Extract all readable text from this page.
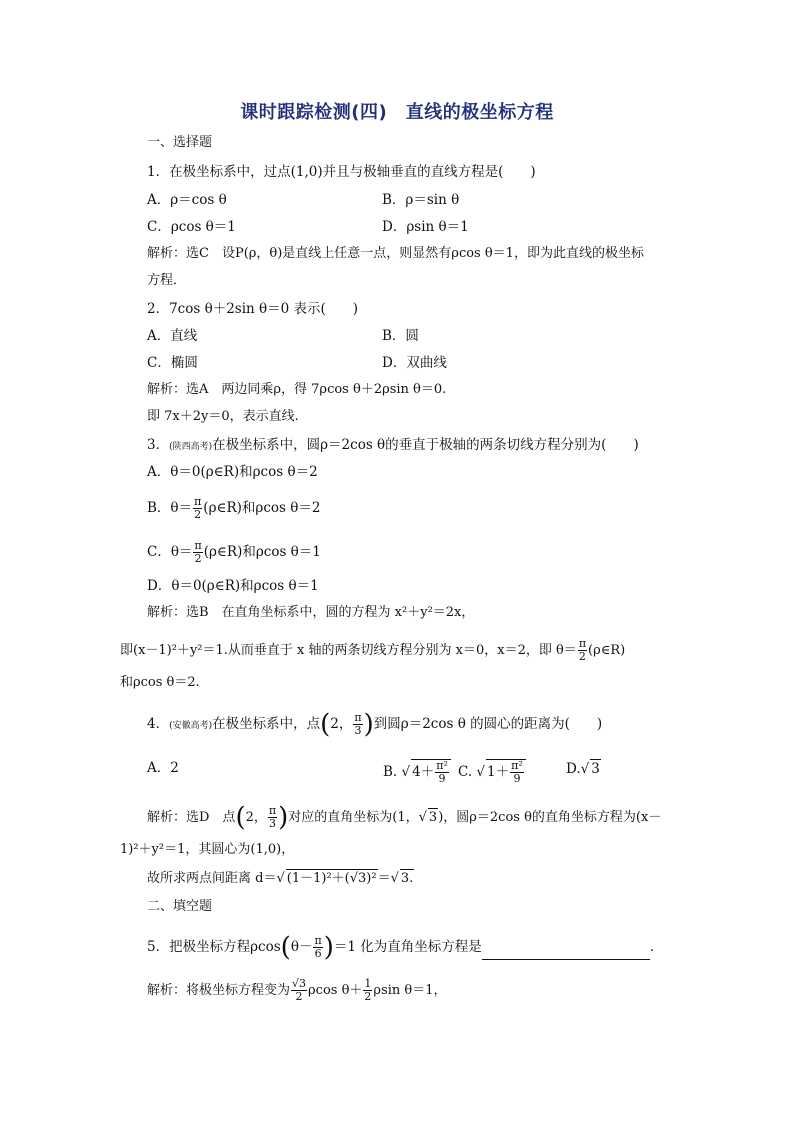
课时跟踪检测(四)　直线的极坐标方程
一、选择题
1．在极坐标系中，过点(1,0)并且与极轴垂直的直线方程是(　　)
A．ρ＝cos θ	B．ρ＝sin θ
C．ρcos θ＝1	D．ρsin θ＝1
解析：选C　设P(ρ，θ)是直线上任意一点，则显然有ρcos θ＝1，即为此直线的极坐标
方程．
2．7cos θ＋2sin θ＝0 表示(　　)
A．直线	B．圆
C．椭圆	D．双曲线
解析：选A　两边同乘ρ，得 7ρcos θ＋2ρsin θ＝0.
即 7x＋2y＝0，表示直线.
3．(陕西高考)在极坐标系中，圆ρ＝2cos θ的垂直于极轴的两条切线方程分别为(　　)
A．θ＝0(ρ∈R)和ρcos θ＝2
B．$\theta= \frac{\pi}{2}$ (ρ∈R)和ρcos θ＝2
C．$\theta= \frac{\pi}{2}$ (ρ∈R)和ρcos θ＝1
D．θ＝0(ρ∈R)和ρcos θ＝1
解析：选B　在直角坐标系中，圆的方程为 x²＋y²＝2x，
即(x－1)²＋y²＝1.从而垂直于 x 轴的两条切线方程分别为 x＝0，x＝2，即 $\theta= \frac{\pi}{2}$ (ρ∈R)
和ρcos θ＝2.
4．(安徽高考)在极坐标系中，点(2， $\frac{\pi}{3}$ )到圆ρ＝2cos θ 的圆心的距离为(　　)
A．2	B. √ $4+ \frac{\text{π²}}{9} C$. √ $1+ \frac{\text{π²}}{9}$	D.√ 3
解析：选D　点(2， $\frac{\pi}{3}$ )对应的直角坐标为(1，√ 3)，圆ρ＝2cos θ的直角坐标方程为(x－
1)²＋y²＝1，其圆心为(1,0)，
故所求两点间距离 d＝√ (1－1)²＋(√3)²＝√ 3.
二、填空题
5．把极坐标方程$\rho\cos(\theta- \frac{\pi}{6} )=1$ 化为直角坐标方程是	.
解析：将极坐标方程变为 $\frac{√3}{2}$ ρcos $\theta+ \frac{1}{2}$ ρsin θ＝1，
